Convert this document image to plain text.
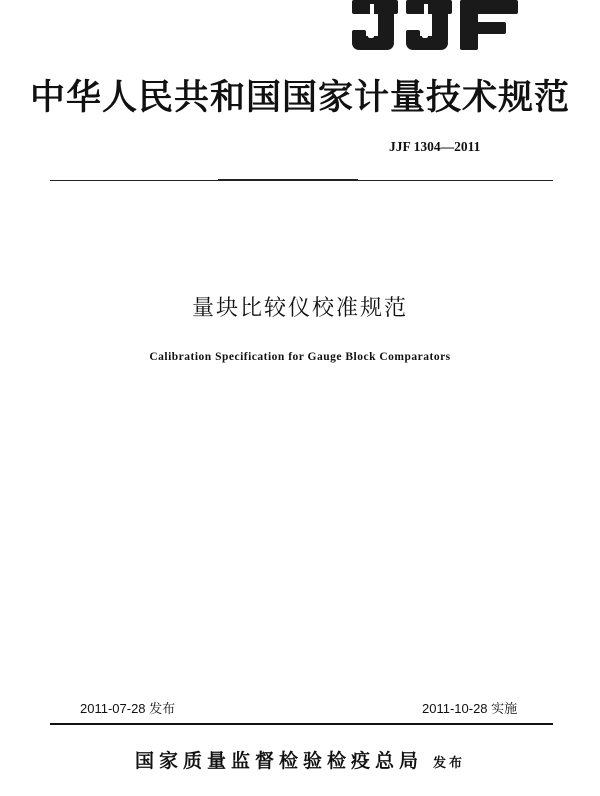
中华人民共和国国家计量技术规范
JJF 1304—2011
量块比较仪校准规范
Calibration Specification for Gauge Block Comparators
2011-07-28 发布	2011-10-28 实施
国家质量监督检验检疫总局 发布
